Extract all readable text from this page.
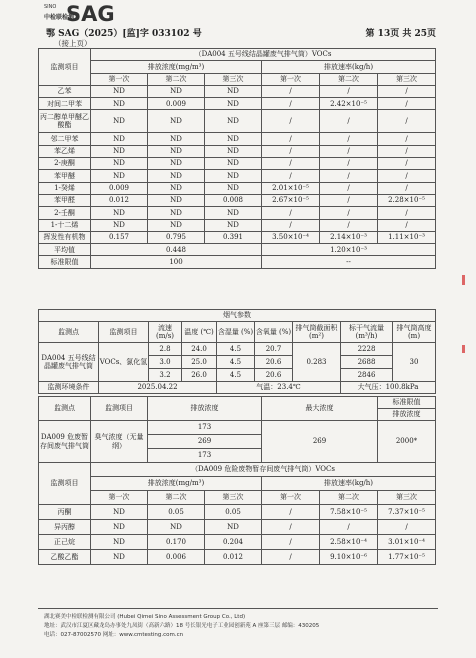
SINO
中检联检测
SAG
鄂 SAG（2025）[监]字 033102 号	第 13页 共 25页
（接上页）
监测项目	（DA004 五号线结晶罐废气排气筒）VOCs					
	排放浓度(mg/m³)			排放速率(kg/h)		
	第一次	第二次	第三次	第一次	第二次	第三次
乙苯	ND	ND	ND	/	/	/
对间二甲苯	ND	0.009	ND	/	2.42×10⁻⁵	/
丙二醇单甲醚乙酸酯	ND	ND	ND	/	/	/
邻二甲苯	ND	ND	ND	/	/	/
苯乙烯	ND	ND	ND	/	/	/
2-庚酮	ND	ND	ND	/	/	/
苯甲醚	ND	ND	ND	/	/	/
1-癸烯	0.009	ND	ND	2.01×10⁻⁵	/	/
苯甲醛	0.012	ND	0.008	2.67×10⁻⁵	/	2.28×10⁻⁵
2-壬酮	ND	ND	ND	/	/	/
1-十二烯	ND	ND	ND	/	/	/
挥发性有机物	0.157	0.795	0.391	3.50×10⁻⁴	2.14×10⁻³	1.11×10⁻³
平均值	0.448			1.20×10⁻³		
标准限值	100			--		
烟气参数								
监测点	监测项目	流速 (m/s)	温度 (℃)	含湿量 (%)	含氧量 (%)	排气筒截面积(m²)	标干气流量(m³/h)	排气筒高度(m)
DA004 五号线结晶罐废气排气筒	VOCs、氯化氢	2.8	24.0	4.5	20.7	0.283	2228	30
		3.0	25.0	4.5	20.6		2688	
		3.2	26.0	4.5	20.6		2846	
监测环境条件	2025.04.22			气温：23.4℃			大气压：100.8kPa	
监测点	监测项目	排放浓度		最大浓度		标准限值
						排放浓度
DA009 危废暂存间废气排气筒	臭气浓度（无量纲）	173		269		2000*
		269				
		173				
监测项目	（DA009 危险废物暂存间废气排气筒）VOCs					
	排放浓度(mg/m³)			排放速率(kg/h)		
	第一次	第二次	第三次	第一次	第二次	第三次
丙酮	ND	0.05	0.05	/	7.58×10⁻⁵	7.37×10⁻⁵
异丙醇	ND	ND	ND	/	/	/
正己烷	ND	0.170	0.204	/	2.58×10⁻⁴	3.01×10⁻⁴
乙酸乙酯	ND	0.006	0.012	/	9.10×10⁻⁶	1.77×10⁻⁵
湖北赛美中检联检测有限公司 (Hubei Qimei Sino Assessment Group Co., Ltd)
地址：武汉市江夏区藏龙岛办事处九凤街（高新六路）18 号长银光电子工业园创新苑 A 座第三层 邮编：430205
电话：027-87002570 网址：www.cmtesting.com.cn
